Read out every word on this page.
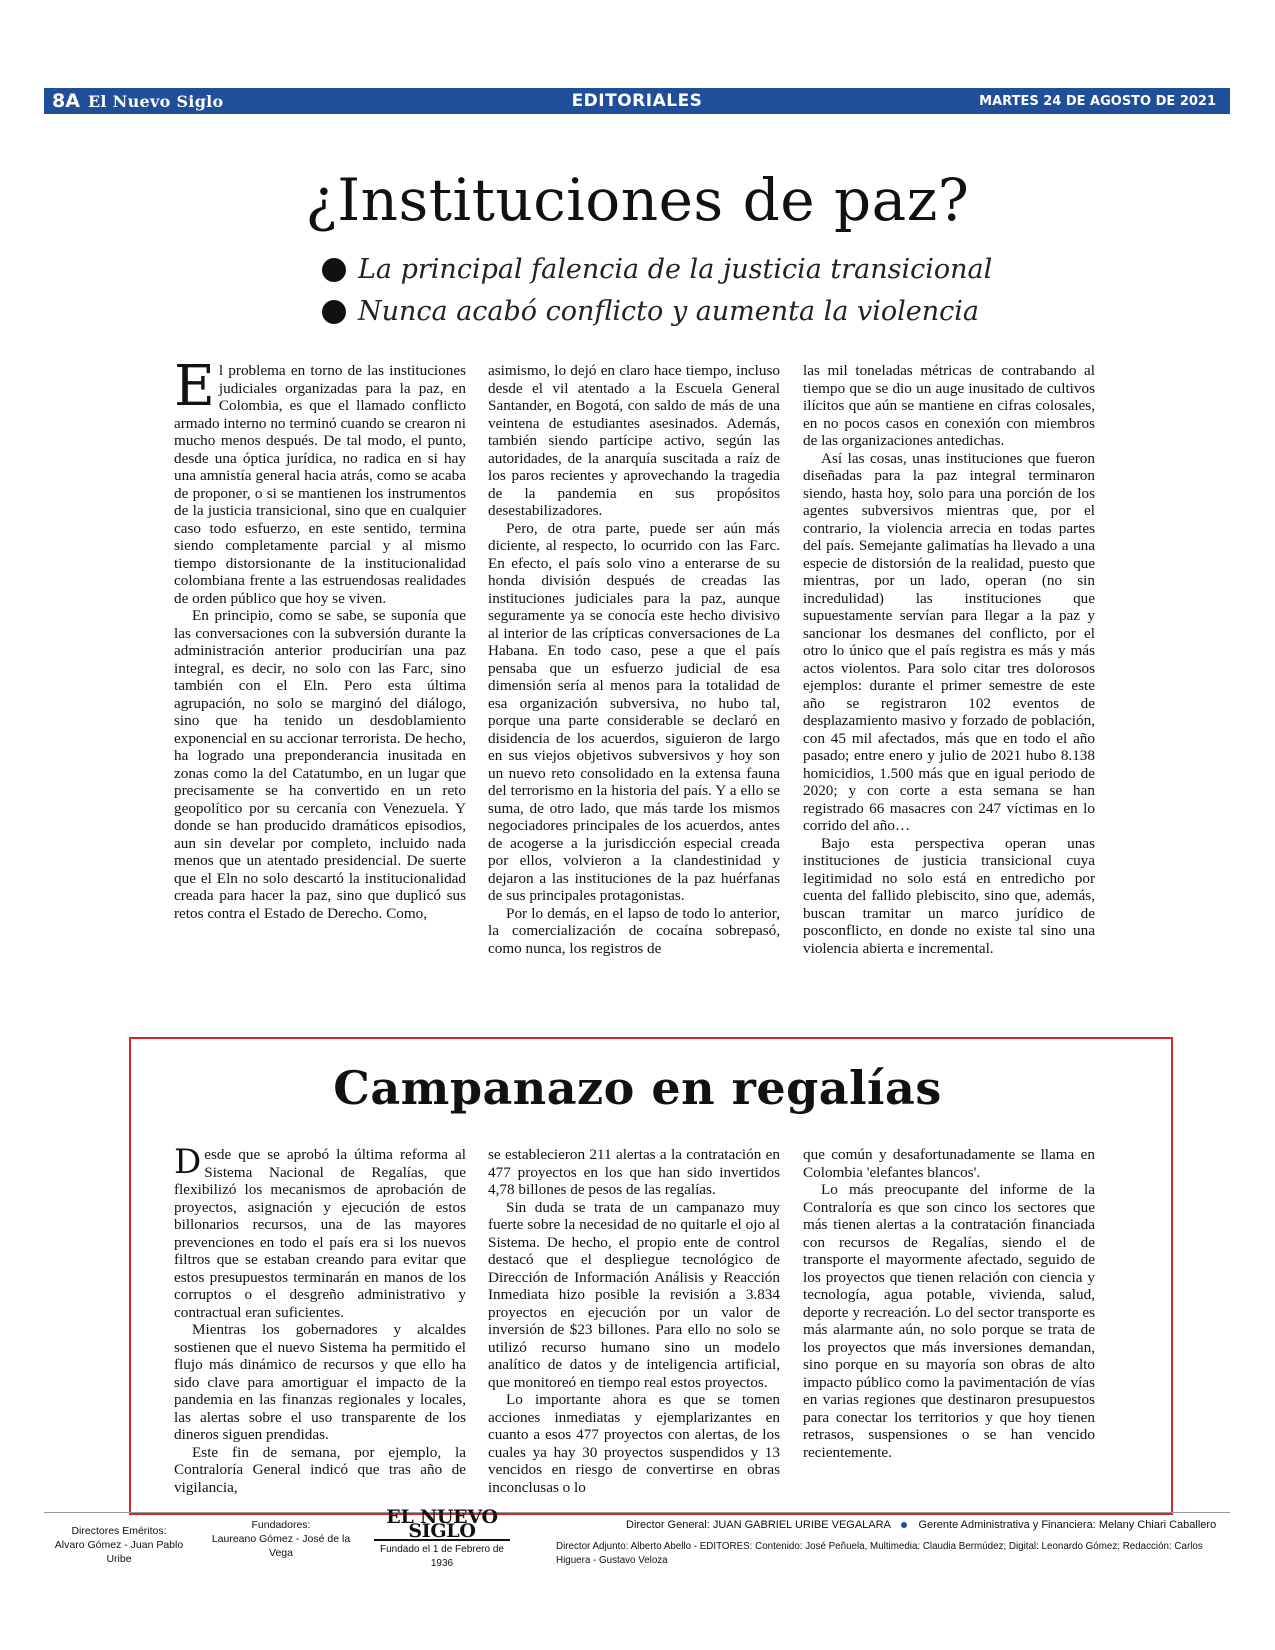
8A El Nuevo Siglo	EDITORIALES	MARTES 24 DE AGOSTO DE 2021
¿Instituciones de paz?
La principal falencia de la justicia transicional
Nunca acabó conflicto y aumenta la violencia

El problema en torno de las instituciones judiciales organizadas para la paz, en Colombia, es que el llamado conflicto armado interno no terminó cuando se crearon ni mucho menos después. De tal modo, el punto, desde una óptica jurídica, no radica en si hay una amnistía general hacia atrás, como se acaba de proponer, o si se mantienen los instrumentos de la justicia transicional, sino que en cualquier caso todo esfuerzo, en este sentido, termina siendo completamente parcial y al mismo tiempo distorsionante de la institucionalidad colombiana frente a las estruendosas realidades de orden público que hoy se viven.

En principio, como se sabe, se suponía que las conversaciones con la subversión durante la administración anterior producirían una paz integral, es decir, no solo con las Farc, sino también con el Eln. Pero esta última agrupación, no solo se marginó del diálogo, sino que ha tenido un desdoblamiento exponencial en su accionar terrorista. De hecho, ha logrado una preponderancia inusitada en zonas como la del Catatumbo, en un lugar que precisamente se ha convertido en un reto geopolítico por su cercanía con Venezuela. Y donde se han producido dramáticos episodios, aun sin develar por completo, incluido nada menos que un atentado presidencial. De suerte que el Eln no solo descartó la institucionalidad creada para hacer la paz, sino que duplicó sus retos contra el Estado de Derecho. Como,

asimismo, lo dejó en claro hace tiempo, incluso desde el vil atentado a la Escuela General Santander, en Bogotá, con saldo de más de una veintena de estudiantes asesinados. Además, también siendo partícipe activo, según las autoridades, de la anarquía suscitada a raíz de los paros recientes y aprovechando la tragedia de la pandemia en sus propósitos desestabilizadores.

Pero, de otra parte, puede ser aún más diciente, al respecto, lo ocurrido con las Farc. En efecto, el país solo vino a enterarse de su honda división después de creadas las instituciones judiciales para la paz, aunque seguramente ya se conocía este hecho divisivo al interior de las crípticas conversaciones de La Habana. En todo caso, pese a que el país pensaba que un esfuerzo judicial de esa dimensión sería al menos para la totalidad de esa organización subversiva, no hubo tal, porque una parte considerable se declaró en disidencia de los acuerdos, siguieron de largo en sus viejos objetivos subversivos y hoy son un nuevo reto consolidado en la extensa fauna del terrorismo en la historia del país. Y a ello se suma, de otro lado, que más tarde los mismos negociadores principales de los acuerdos, antes de acogerse a la jurisdicción especial creada por ellos, volvieron a la clandestinidad y dejaron a las instituciones de la paz huérfanas de sus principales protagonistas.

Por lo demás, en el lapso de todo lo anterior, la comercialización de cocaína sobrepasó, como nunca, los registros de

las mil toneladas métricas de contrabando al tiempo que se dio un auge inusitado de cultivos ilícitos que aún se mantiene en cifras colosales, en no pocos casos en conexión con miembros de las organizaciones antedichas.

Así las cosas, unas instituciones que fueron diseñadas para la paz integral terminaron siendo, hasta hoy, solo para una porción de los agentes subversivos mientras que, por el contrario, la violencia arrecia en todas partes del país. Semejante galimatías ha llevado a una especie de distorsión de la realidad, puesto que mientras, por un lado, operan (no sin incredulidad) las instituciones que supuestamente servían para llegar a la paz y sancionar los desmanes del conflicto, por el otro lo único que el país registra es más y más actos violentos. Para solo citar tres dolorosos ejemplos: durante el primer semestre de este año se registraron 102 eventos de desplazamiento masivo y forzado de población, con 45 mil afectados, más que en todo el año pasado; entre enero y julio de 2021 hubo 8.138 homicidios, 1.500 más que en igual periodo de 2020; y con corte a esta semana se han registrado 66 masacres con 247 víctimas en lo corrido del año…

Bajo esta perspectiva operan unas instituciones de justicia transicional cuya legitimidad no solo está en entredicho por cuenta del fallido plebiscito, sino que, además, buscan tramitar un marco jurídico de posconflicto, en donde no existe tal sino una violencia abierta e incremental.

Campanazo en regalías

Desde que se aprobó la última reforma al Sistema Nacional de Regalías, que flexibilizó los mecanismos de aprobación de proyectos, asignación y ejecución de estos billonarios recursos, una de las mayores prevenciones en todo el país era si los nuevos filtros que se estaban creando para evitar que estos presupuestos terminarán en manos de los corruptos o el desgreño administrativo y contractual eran suficientes.

Mientras los gobernadores y alcaldes sostienen que el nuevo Sistema ha permitido el flujo más dinámico de recursos y que ello ha sido clave para amortiguar el impacto de la pandemia en las finanzas regionales y locales, las alertas sobre el uso transparente de los dineros siguen prendidas.

Este fin de semana, por ejemplo, la Contraloría General indicó que tras año de vigilancia,

se establecieron 211 alertas a la contratación en 477 proyectos en los que han sido invertidos 4,78 billones de pesos de las regalías.

Sin duda se trata de un campanazo muy fuerte sobre la necesidad de no quitarle el ojo al Sistema. De hecho, el propio ente de control destacó que el despliegue tecnológico de Dirección de Información Análisis y Reacción Inmediata hizo posible la revisión a 3.834 proyectos en ejecución por un valor de inversión de $23 billones. Para ello no solo se utilizó recurso humano sino un modelo analítico de datos y de inteligencia artificial, que monitoreó en tiempo real estos proyectos.

Lo importante ahora es que se tomen acciones inmediatas y ejemplarizantes en cuanto a esos 477 proyectos con alertas, de los cuales ya hay 30 proyectos suspendidos y 13 vencidos en riesgo de convertirse en obras inconclusas o lo

que común y desafortunadamente se llama en Colombia 'elefantes blancos'.

Lo más preocupante del informe de la Contraloría es que son cinco los sectores que más tienen alertas a la contratación financiada con recursos de Regalías, siendo el de transporte el mayormente afectado, seguido de los proyectos que tienen relación con ciencia y tecnología, agua potable, vivienda, salud, deporte y recreación. Lo del sector transporte es más alarmante aún, no solo porque se trata de los proyectos que más inversiones demandan, sino porque en su mayoría son obras de alto impacto público como la pavimentación de vías en varias regiones que destinaron presupuestos para conectar los territorios y que hoy tienen retrasos, suspensiones o se han vencido recientemente.

Directores Eméritos:
Alvaro Gómez - Juan Pablo Uribe
Fundadores:
Laureano Gómez - José de la Vega
EL NUEVO SIGLO
Fundado el 1 de Febrero de 1936
Director General: JUAN GABRIEL URIBE VEGALARA	Gerente Administrativa y Financiera: Melany Chiari Caballero
Director Adjunto: Alberto Abello - EDITORES: Contenido: José Peñuela, Multimedia: Claudia Bermúdez; Digital: Leonardo Gómez; Redacción: Carlos Higuera - Gustavo Veloza
